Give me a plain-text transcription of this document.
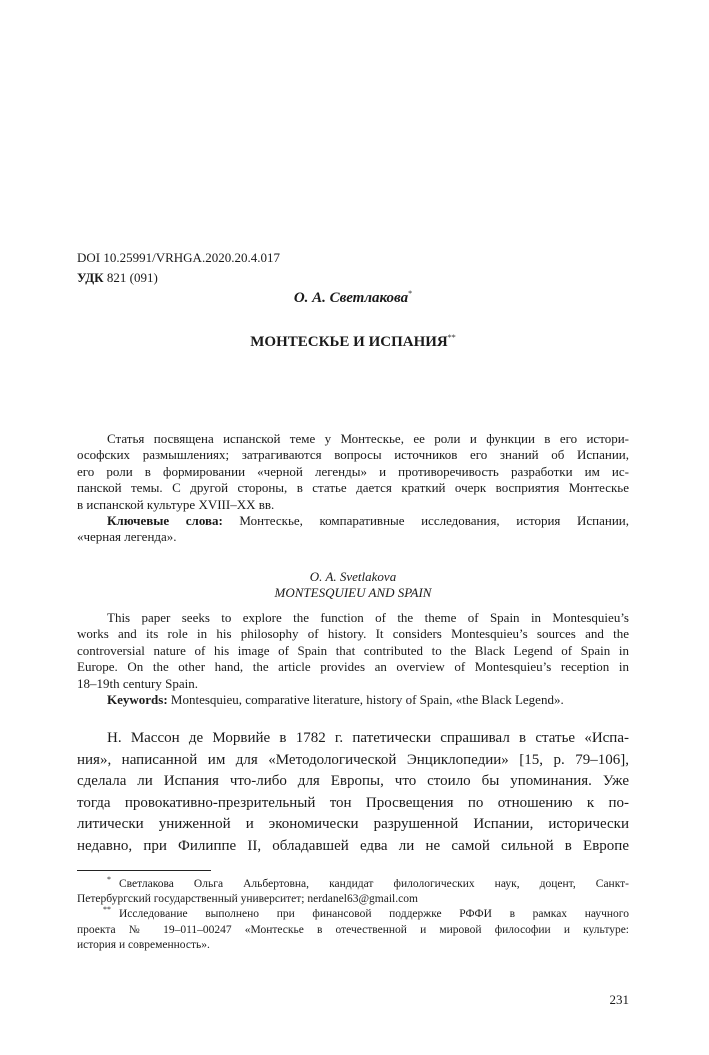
DOI 10.25991/VRHGA.2020.20.4.017

УДК 821 (091)

О. А. Светлакова*
МОНТЕСКЬЕ И ИСПАНИЯ**

Статья посвящена испанской теме у Монтескье, ее роли и функции в его истори-

ософских размышлениях; затрагиваются вопросы источников его знаний об Испании,

его роли в формировании «черной легенды» и противоречивость разработки им ис-

панской темы. С другой стороны, в статье дается краткий очерк восприятия Монтескье

в испанской культуре XVIII–XX вв.

Ключевые слова: Монтескье, компаративные исследования, история Испании,

«черная легенда».

O. A. Svetlakova

MONTESQUIEU AND SPAIN

This paper seeks to explore the function of the theme of Spain in Montesquieu’s

works and its role in his philosophy of history. It considers Montesquieu’s sources and the

controversial nature of his image of Spain that contributed to the Black Legend of Spain in

Europe. On the other hand, the article provides an overview of Montesquieu’s reception in

18–19th century Spain.

Keywords: Montesquieu, comparative literature, history of Spain, «the Black Legend».

Н. Массон де Морвийе в 1782 г. патетически спрашивал в статье «Испа-

ния», написанной им для «Методологической Энциклопедии» [15, p. 79–106],

сделала ли Испания что-либо для Европы, что стоило бы упоминания. Уже

тогда провокативно-презрительный тон Просвещения по отношению к по-

литически униженной и экономически разрушенной Испании, исторически

недавно, при Филиппе II, обладавшей едва ли не самой сильной в Европе

* Светлакова Ольга Альбертовна, кандидат филологических наук, доцент, Санкт-

Петербургский государственный университет; nerdanel63@gmail.com

** Исследование выполнено при финансовой поддержке РФФИ в рамках научного

проекта № 19–011–00247 «Монтескье в отечественной и мировой философии и культуре:

история и современность».

231
